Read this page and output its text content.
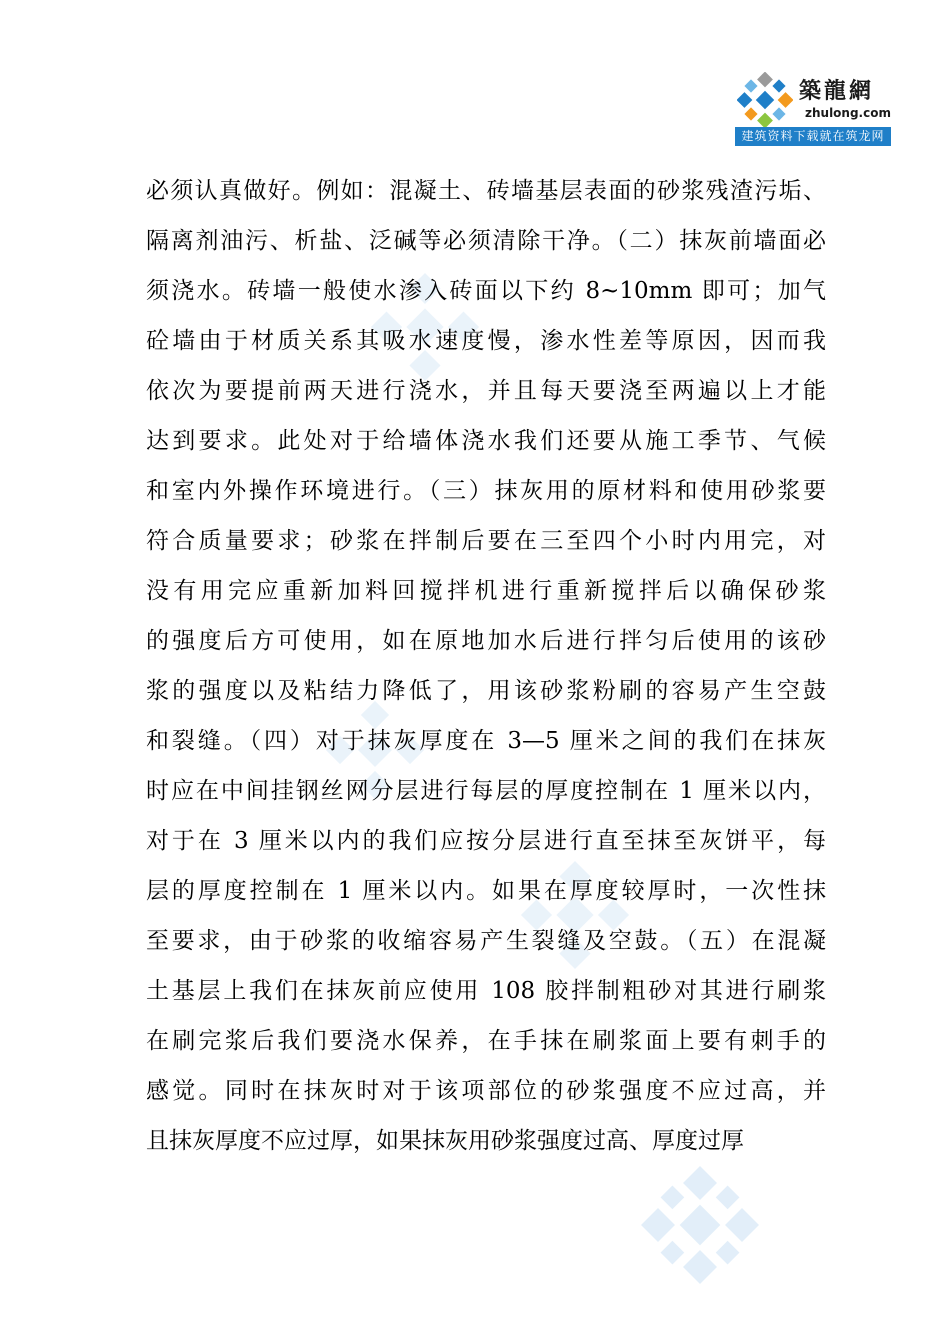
築龍網
zhulong.com
建筑资料下载就在筑龙网
必须认真做好。例如：混凝土、砖墙基层表面的砂浆残渣污垢、
隔离剂油污、析盐、泛碱等必须清除干净。（二）抹灰前墙面必
须浇水。砖墙一般使水渗入砖面以下约 8~10mm 即可；加气
砼墙由于材质关系其吸水速度慢，渗水性差等原因，因而我
依次为要提前两天进行浇水，并且每天要浇至两遍以上才能
达到要求。此处对于给墙体浇水我们还要从施工季节、气候
和室内外操作环境进行。（三）抹灰用的原材料和使用砂浆要
符合质量要求；砂浆在拌制后要在三至四个小时内用完，对
没有用完应重新加料回搅拌机进行重新搅拌后以确保砂浆
的强度后方可使用，如在原地加水后进行拌匀后使用的该砂
浆的强度以及粘结力降低了，用该砂浆粉刷的容易产生空鼓
和裂缝。（四）对于抹灰厚度在 3—5 厘米之间的我们在抹灰
时应在中间挂钢丝网分层进行每层的厚度控制在 1 厘米以内，
对于在 3 厘米以内的我们应按分层进行直至抹至灰饼平，每
层的厚度控制在 1 厘米以内。如果在厚度较厚时，一次性抹
至要求，由于砂浆的收缩容易产生裂缝及空鼓。（五）在混凝
土基层上我们在抹灰前应使用 108 胶拌制粗砂对其进行刷浆
在刷完浆后我们要浇水保养，在手抹在刷浆面上要有刺手的
感觉。同时在抹灰时对于该项部位的砂浆强度不应过高，并
且抹灰厚度不应过厚，如果抹灰用砂浆强度过高、厚度过厚
